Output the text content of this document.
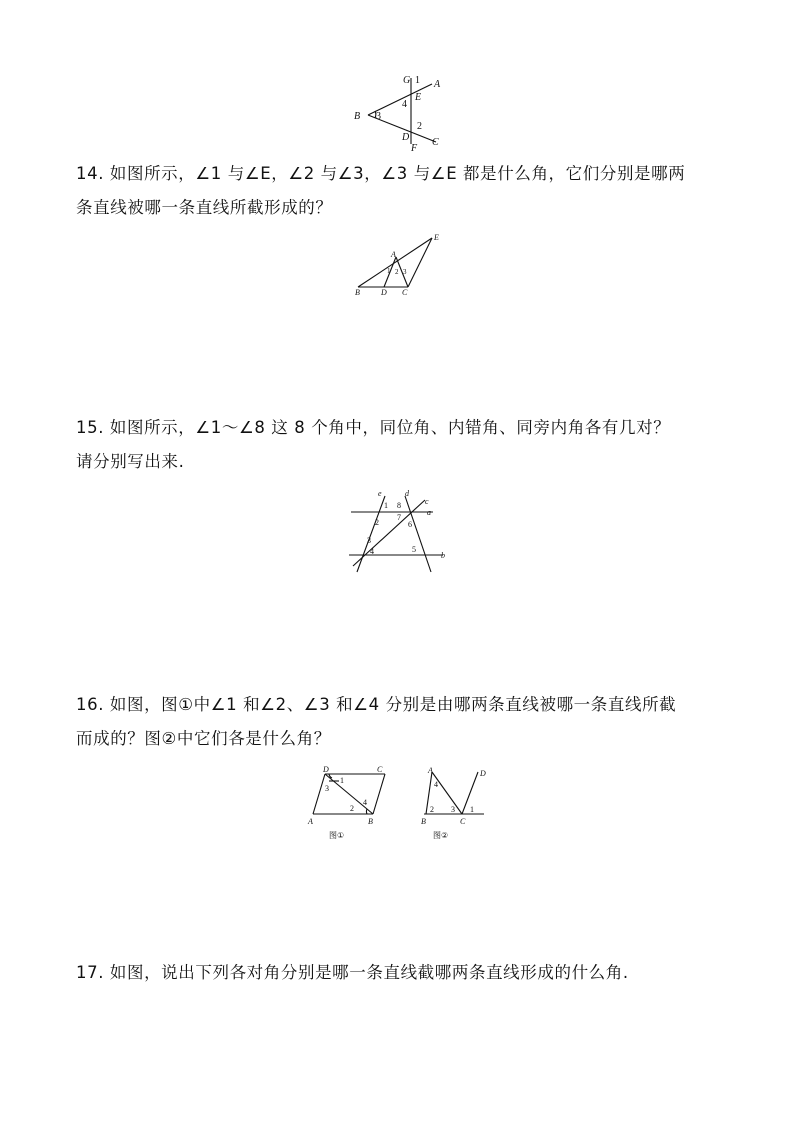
G 1 A
4
E
B 3
D
2
F
C
14. 如图所示，∠1 与∠E，∠2 与∠3，∠3 与∠E 都是什么角，它们分别是哪两
条直线被哪一条直线所截形成的？
E
A
1 2 3
B	D C
15. 如图所示，∠1～∠8 这 8 个角中，同位角、内错角、同旁内角各有几对？
请分别写出来.
e	d
c
8
1
2
7
a
6
3
4	5
b
16. 如图，图①中∠1 和∠2、∠3 和∠4 分别是由哪两条直线被哪一条直线所截
而成的？图②中它们各是什么角？
D	C
1
3
2
4
A	B
图①
A	D
4
2 3 1
B	C
图②
17. 如图，说出下列各对角分别是哪一条直线截哪两条直线形成的什么角.
